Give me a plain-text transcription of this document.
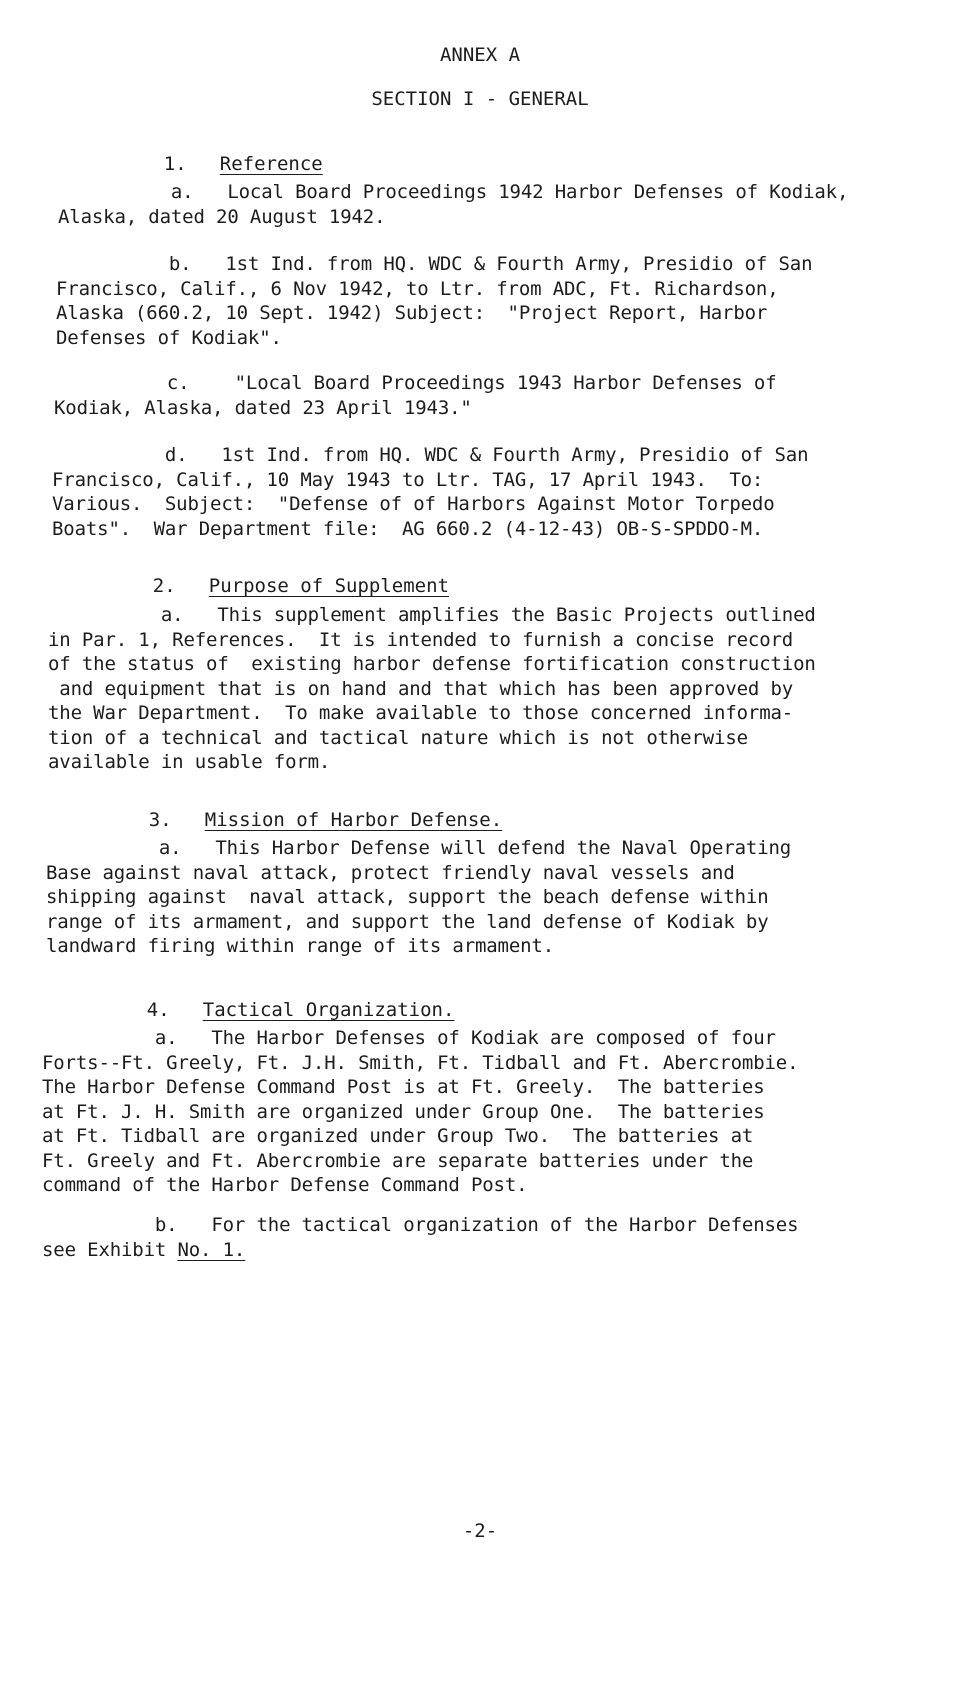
ANNEX A
SECTION I - GENERAL

1. Reference

a.   Local Board Proceedings 1942 Harbor Defenses of Kodiak,
Alaska, dated 20 August 1942.
b.   1st Ind. from HQ. WDC & Fourth Army, Presidio of San
Francisco, Calif., 6 Nov 1942, to Ltr. from ADC, Ft. Richardson,
Alaska (660.2, 10 Sept. 1942) Subject:  "Project Report, Harbor
Defenses of Kodiak".
c.    "Local Board Proceedings 1943 Harbor Defenses of
Kodiak, Alaska, dated 23 April 1943."
d.   1st Ind. from HQ. WDC & Fourth Army, Presidio of San
Francisco, Calif., 10 May 1943 to Ltr. TAG, 17 April 1943.  To:
Various.  Subject:  "Defense of of Harbors Against Motor Torpedo
Boats".  War Department file:  AG 660.2 (4-12-43) OB-S-SPDDO-M.

2. Purpose of Supplement

a.   This supplement amplifies the Basic Projects outlined
in Par. 1, References.  It is intended to furnish a concise record
of the status of  existing harbor defense fortification construction
and equipment that is on hand and that which has been approved by
the War Department.  To make available to those concerned informa-
tion of a technical and tactical nature which is not otherwise
available in usable form.

3. Mission of Harbor Defense.

a.   This Harbor Defense will defend the Naval Operating
Base against naval attack, protect friendly naval vessels and
shipping against  naval attack, support the beach defense within
range of its armament, and support the land defense of Kodiak by
landward firing within range of its armament.

4. Tactical Organization.

a.   The Harbor Defenses of Kodiak are composed of four
Forts--Ft. Greely, Ft. J.H. Smith, Ft. Tidball and Ft. Abercrombie.
The Harbor Defense Command Post is at Ft. Greely.  The batteries
at Ft. J. H. Smith are organized under Group One.  The batteries
at Ft. Tidball are organized under Group Two.  The batteries at
Ft. Greely and Ft. Abercrombie are separate batteries under the
command of the Harbor Defense Command Post.
b.   For the tactical organization of the Harbor Defenses
see Exhibit No. 1.
-2-
